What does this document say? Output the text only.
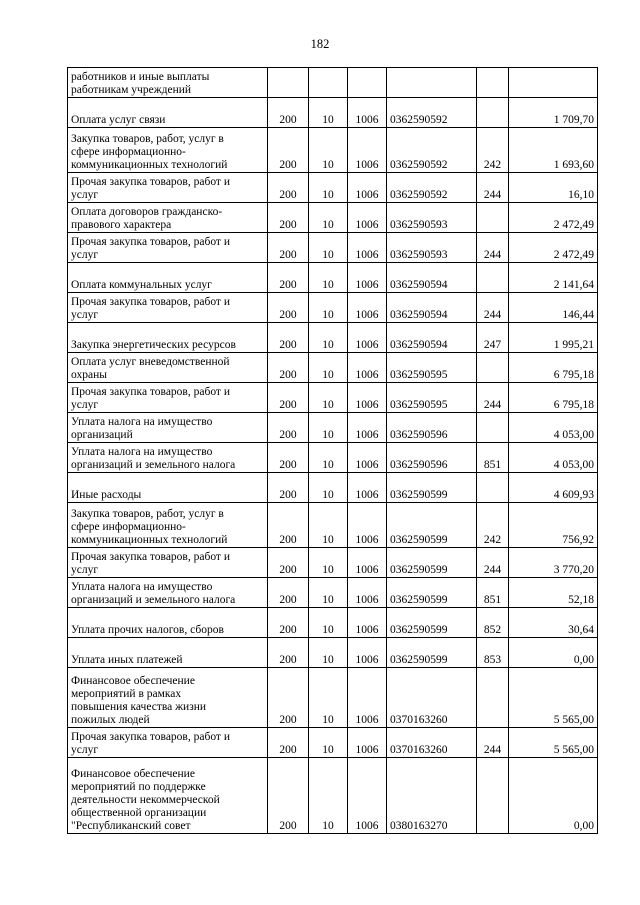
182
работников и иные выплаты
работникам учреждений						

Оплата услуг связи	200	10	1006	0362590592		1 709,70

Закупка товаров, работ, услуг в
сфере информационно-
коммуникационных технологий	200	10	1006	0362590592	242	1 693,60

Прочая закупка товаров, работ и
услуг	200	10	1006	0362590592	244	16,10

Оплата договоров гражданско-
правового характера	200	10	1006	0362590593		2 472,49

Прочая закупка товаров, работ и
услуг	200	10	1006	0362590593	244	2 472,49

Оплата коммунальных услуг	200	10	1006	0362590594		2 141,64

Прочая закупка товаров, работ и
услуг	200	10	1006	0362590594	244	146,44

Закупка энергетических ресурсов	200	10	1006	0362590594	247	1 995,21

Оплата услуг вневедомственной
охраны	200	10	1006	0362590595		6 795,18

Прочая закупка товаров, работ и
услуг	200	10	1006	0362590595	244	6 795,18

Уплата налога на имущество
организаций	200	10	1006	0362590596		4 053,00

Уплата налога на имущество
организаций и земельного налога	200	10	1006	0362590596	851	4 053,00

Иные расходы	200	10	1006	0362590599		4 609,93

Закупка товаров, работ, услуг в
сфере информационно-
коммуникационных технологий	200	10	1006	0362590599	242	756,92

Прочая закупка товаров, работ и
услуг	200	10	1006	0362590599	244	3 770,20

Уплата налога на имущество
организаций и земельного налога	200	10	1006	0362590599	851	52,18

Уплата прочих налогов, сборов	200	10	1006	0362590599	852	30,64

Уплата иных платежей	200	10	1006	0362590599	853	0,00

Финансовое обеспечение
мероприятий в рамках
повышения качества жизни
пожилых людей	200	10	1006	0370163260		5 565,00

Прочая закупка товаров, работ и
услуг	200	10	1006	0370163260	244	5 565,00

Финансовое обеспечение
мероприятий по поддержке
деятельности некоммерческой
общественной организации
"Республиканский совет	200	10	1006	0380163270		0,00
